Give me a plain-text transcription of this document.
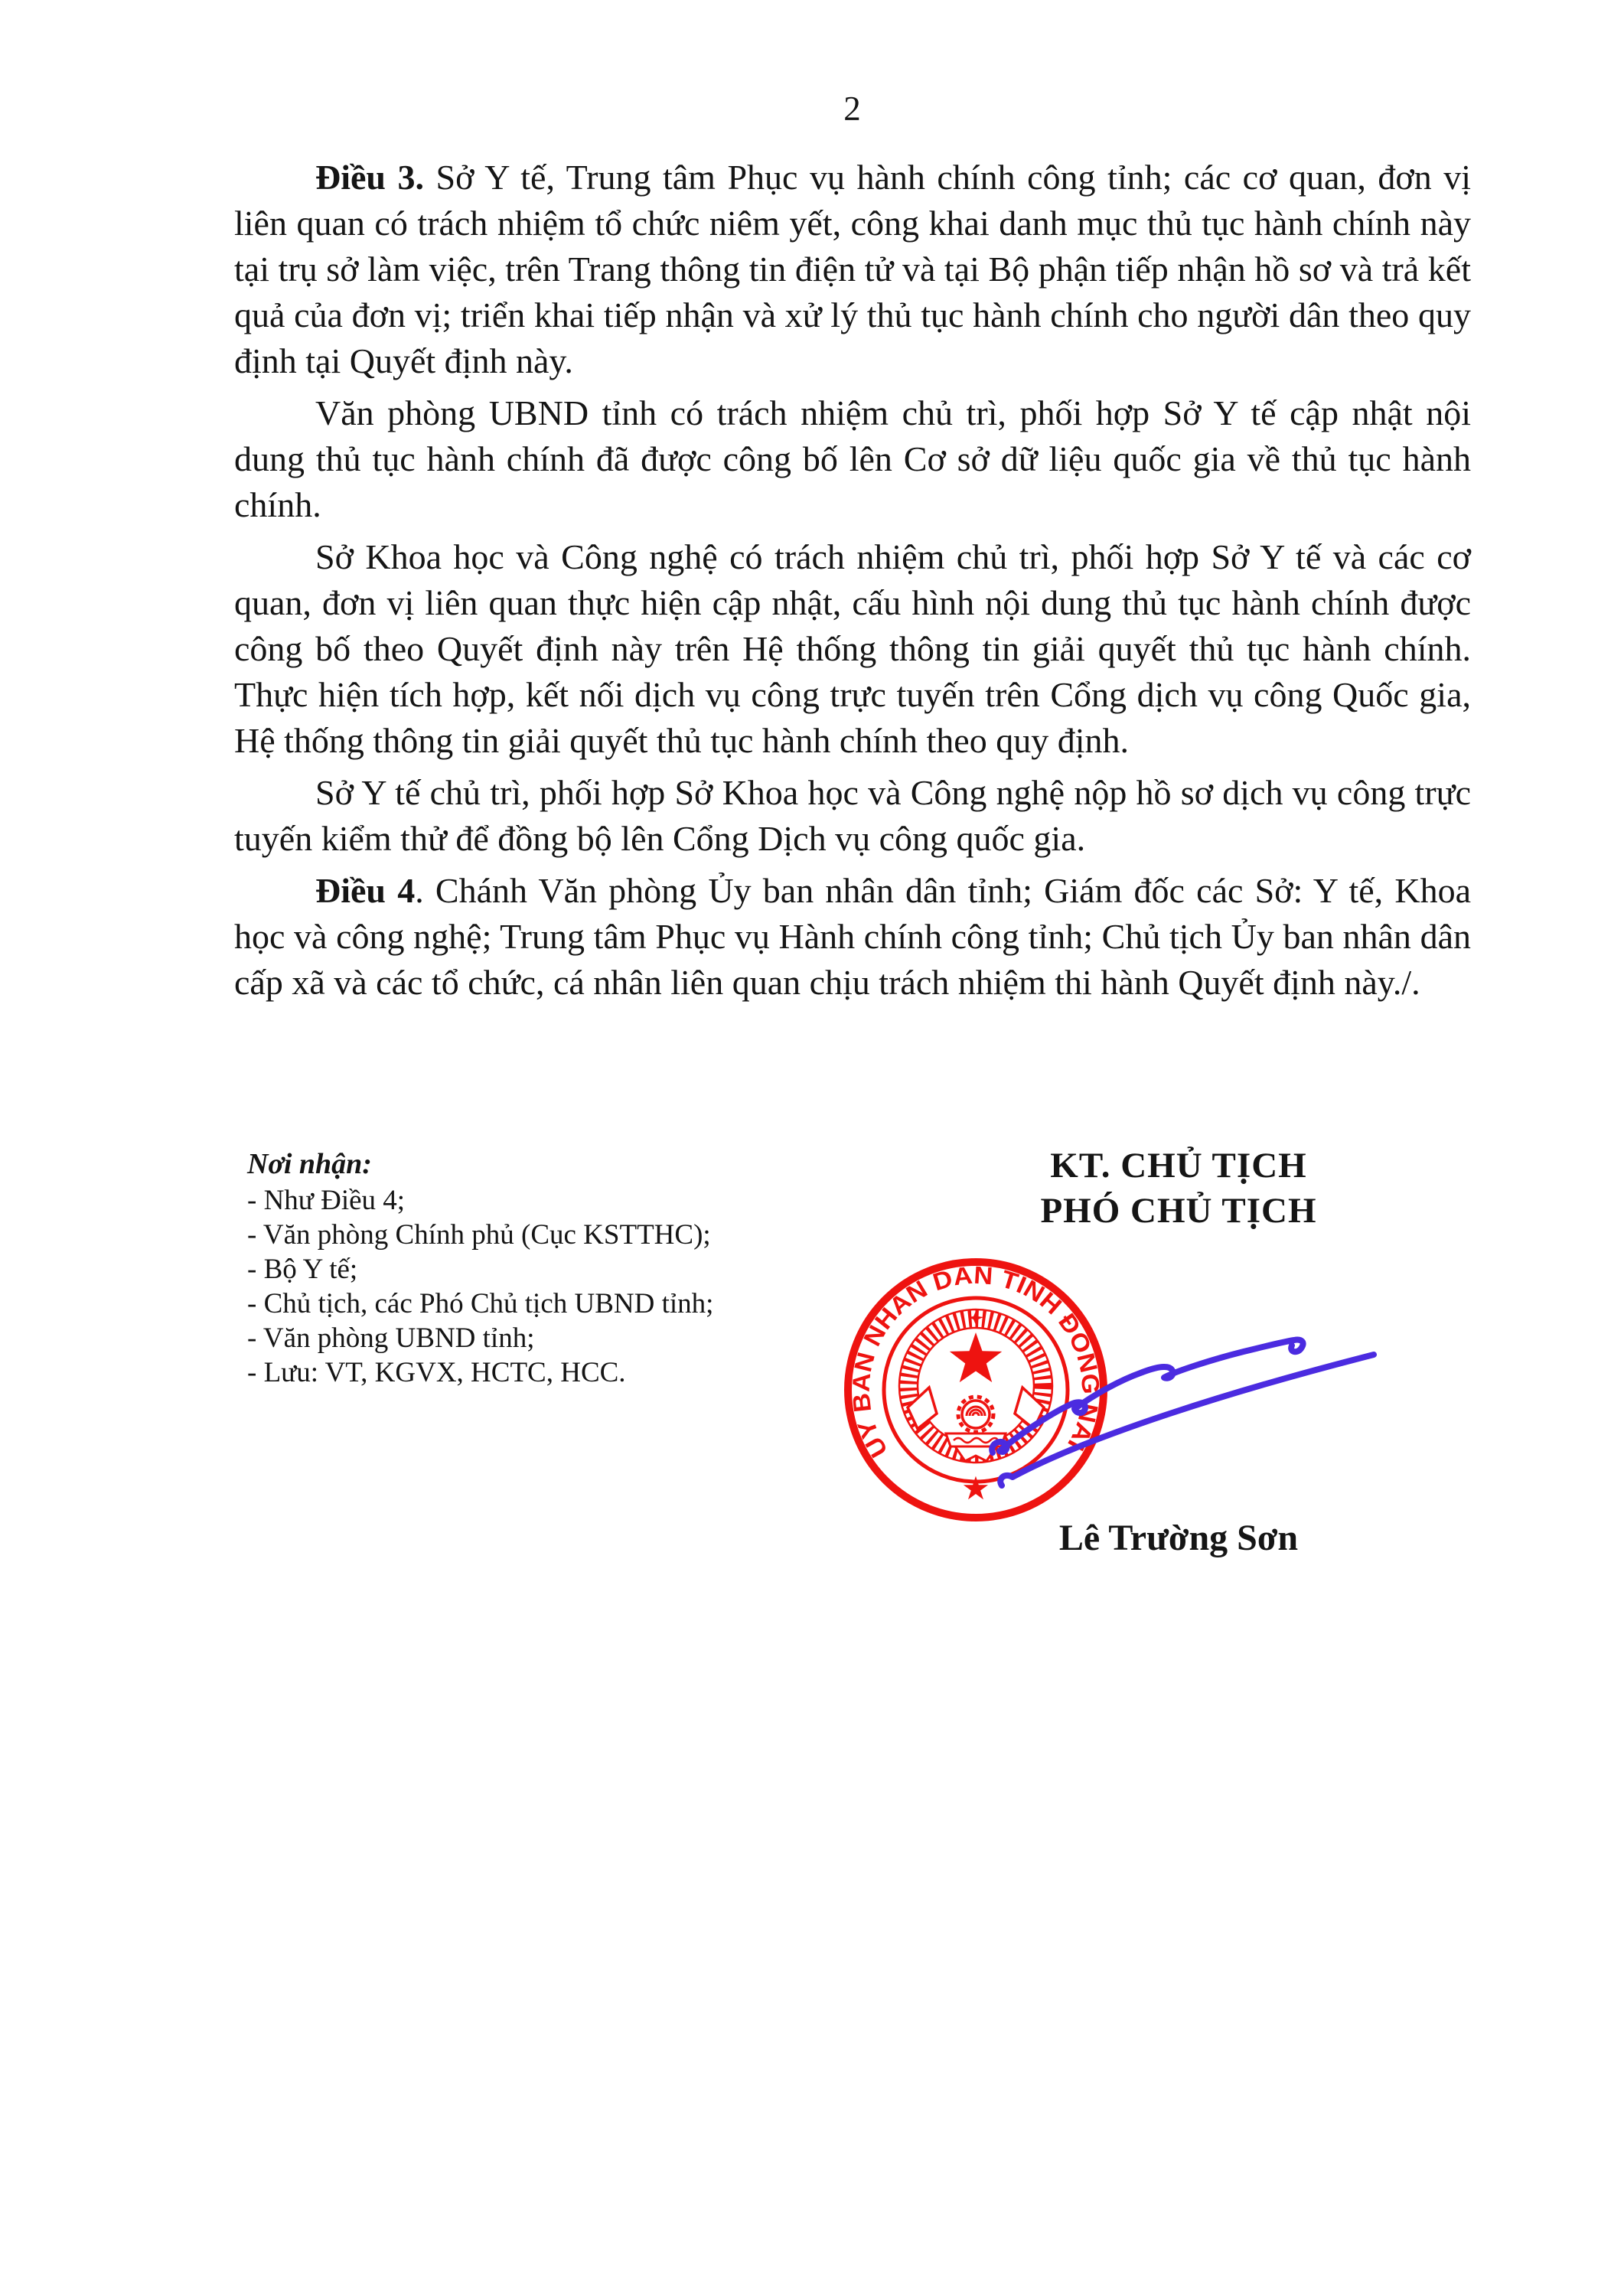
2

Điều 3. Sở Y tế, Trung tâm Phục vụ hành chính công tỉnh; các cơ quan, đơn vị liên quan có trách nhiệm tổ chức niêm yết, công khai danh mục thủ tục hành chính này tại trụ sở làm việc, trên Trang thông tin điện tử và tại Bộ phận tiếp nhận hồ sơ và trả kết quả của đơn vị; triển khai tiếp nhận và xử lý thủ tục hành chính cho người dân theo quy định tại Quyết định này.

Văn phòng UBND tỉnh có trách nhiệm chủ trì, phối hợp Sở Y tế cập nhật nội dung thủ tục hành chính đã được công bố lên Cơ sở dữ liệu quốc gia về thủ tục hành chính.

Sở Khoa học và Công nghệ có trách nhiệm chủ trì, phối hợp Sở Y tế và các cơ quan, đơn vị liên quan thực hiện cập nhật, cấu hình nội dung thủ tục hành chính được công bố theo Quyết định này trên Hệ thống thông tin giải quyết thủ tục hành chính. Thực hiện tích hợp, kết nối dịch vụ công trực tuyến trên Cổng dịch vụ công Quốc gia, Hệ thống thông tin giải quyết thủ tục hành chính theo quy định.

Sở Y tế chủ trì, phối hợp Sở Khoa học và Công nghệ nộp hồ sơ dịch vụ công trực tuyến kiểm thử để đồng bộ lên Cổng Dịch vụ công quốc gia.

Điều 4. Chánh Văn phòng Ủy ban nhân dân tỉnh; Giám đốc các Sở: Y tế, Khoa học và công nghệ; Trung tâm Phục vụ Hành chính công tỉnh; Chủ tịch Ủy ban nhân dân cấp xã và các tổ chức, cá nhân liên quan chịu trách nhiệm thi hành Quyết định này./.

Nơi nhận:
- Như Điều 4;
- Văn phòng Chính phủ (Cục KSTTHC);
- Bộ Y tế;
- Chủ tịch, các Phó Chủ tịch UBND tỉnh;
- Văn phòng UBND tỉnh;
- Lưu: VT, KGVX, HCTC, HCC.
KT. CHỦ TỊCH
PHÓ CHỦ TỊCH
ỦY BAN NHÂN DÂN TỈNH ĐỒNG NAI
★
Lê Trường Sơn
